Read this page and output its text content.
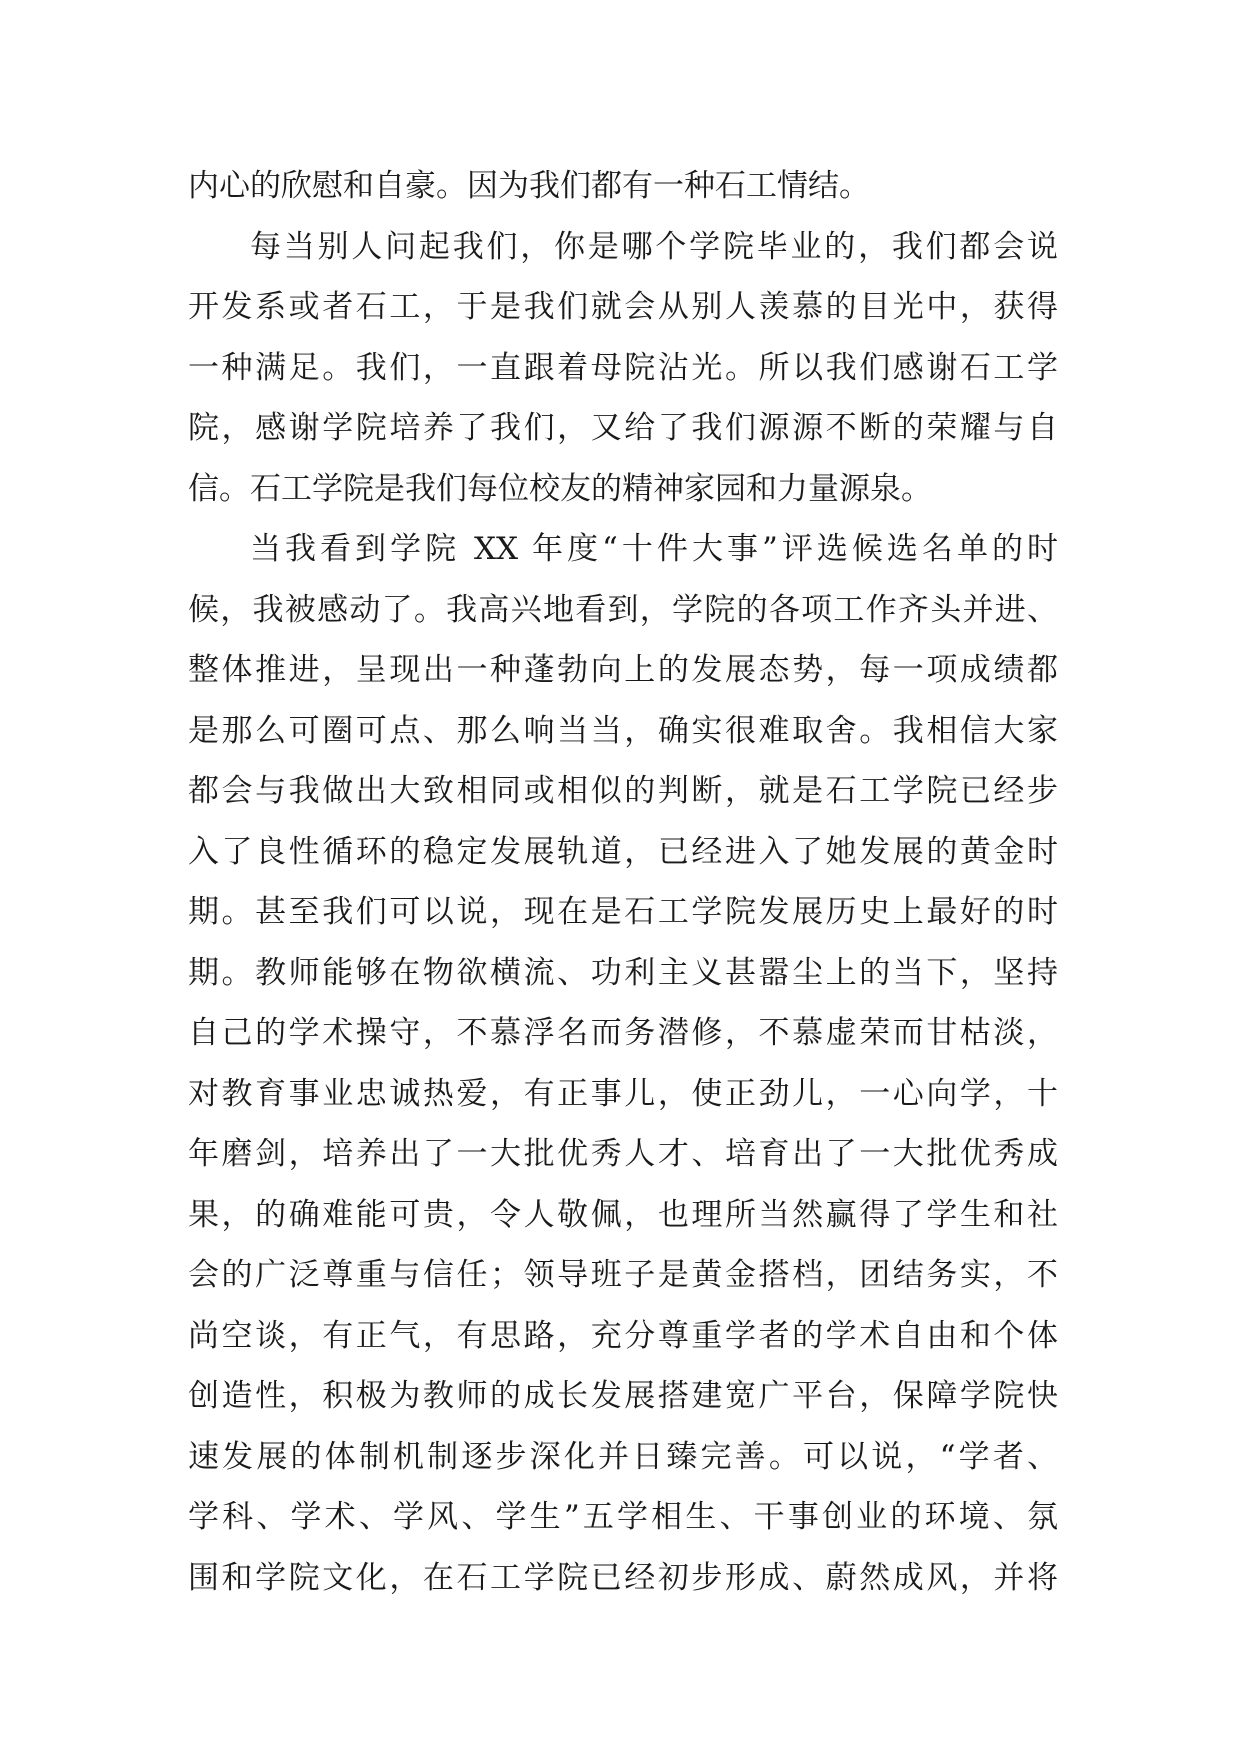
内心的欣慰和自豪。因为我们都有一种石工情结。
每当别人问起我们，你是哪个学院毕业的，我们都会说
开发系或者石工，于是我们就会从别人羡慕的目光中，获得
一种满足。我们，一直跟着母院沾光。所以我们感谢石工学
院，感谢学院培养了我们，又给了我们源源不断的荣耀与自
信。石工学院是我们每位校友的精神家园和力量源泉。
当我看到学院 XX 年度“十件大事”评选候选名单的时
候，我被感动了。我高兴地看到，学院的各项工作齐头并进、
整体推进，呈现出一种蓬勃向上的发展态势，每一项成绩都
是那么可圈可点、那么响当当，确实很难取舍。我相信大家
都会与我做出大致相同或相似的判断，就是石工学院已经步
入了良性循环的稳定发展轨道，已经进入了她发展的黄金时
期。甚至我们可以说，现在是石工学院发展历史上最好的时
期。教师能够在物欲横流、功利主义甚嚣尘上的当下，坚持
自己的学术操守，不慕浮名而务潜修，不慕虚荣而甘枯淡，
对教育事业忠诚热爱，有正事儿，使正劲儿，一心向学，十
年磨剑，培养出了一大批优秀人才、培育出了一大批优秀成
果，的确难能可贵，令人敬佩，也理所当然赢得了学生和社
会的广泛尊重与信任；领导班子是黄金搭档，团结务实，不
尚空谈，有正气，有思路，充分尊重学者的学术自由和个体
创造性，积极为教师的成长发展搭建宽广平台，保障学院快
速发展的体制机制逐步深化并日臻完善。可以说，“学者、
学科、学术、学风、学生”五学相生、干事创业的环境、氛
围和学院文化，在石工学院已经初步形成、蔚然成风，并将
